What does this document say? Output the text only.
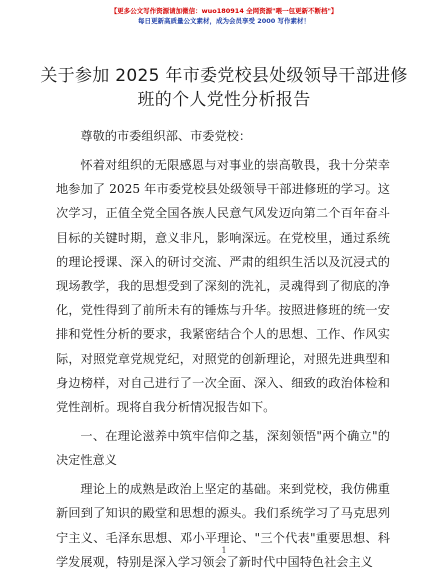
【更多公文写作资源请加微信：wuo180914 全网资源"喂一包更新不断档"】
每日更新高质量公文素材，成为会员享受 2000 写作素材！
关于参加 2025 年市委党校县处级领导干部进修班的个人党性分析报告

尊敬的市委组织部、市委党校：

怀着对组织的无限感恩与对事业的崇高敬畏，我十分荣幸地参加了 2025 年市委党校县处级领导干部进修班的学习。这次学习，正值全党全国各族人民意气风发迈向第二个百年奋斗目标的关键时期，意义非凡，影响深远。在党校里，通过系统的理论授课、深入的研讨交流、严肃的组织生活以及沉浸式的现场教学，我的思想受到了深刻的洗礼，灵魂得到了彻底的净化，党性得到了前所未有的锤炼与升华。按照进修班的统一安排和党性分析的要求，我紧密结合个人的思想、工作、作风实际，对照党章党规党纪，对照党的创新理论，对照先进典型和身边榜样，对自己进行了一次全面、深入、细致的政治体检和党性剖析。现将自我分析情况报告如下。

一、在理论滋养中筑牢信仰之基，深刻领悟"两个确立"的决定性意义

理论上的成熟是政治上坚定的基础。来到党校，我仿佛重新回到了知识的殿堂和思想的源头。我们系统学习了马克思列宁主义、毛泽东思想、邓小平理论、"三个代表"重要思想、科学发展观，特别是深入学习领会了新时代中国特色社会主义

1
